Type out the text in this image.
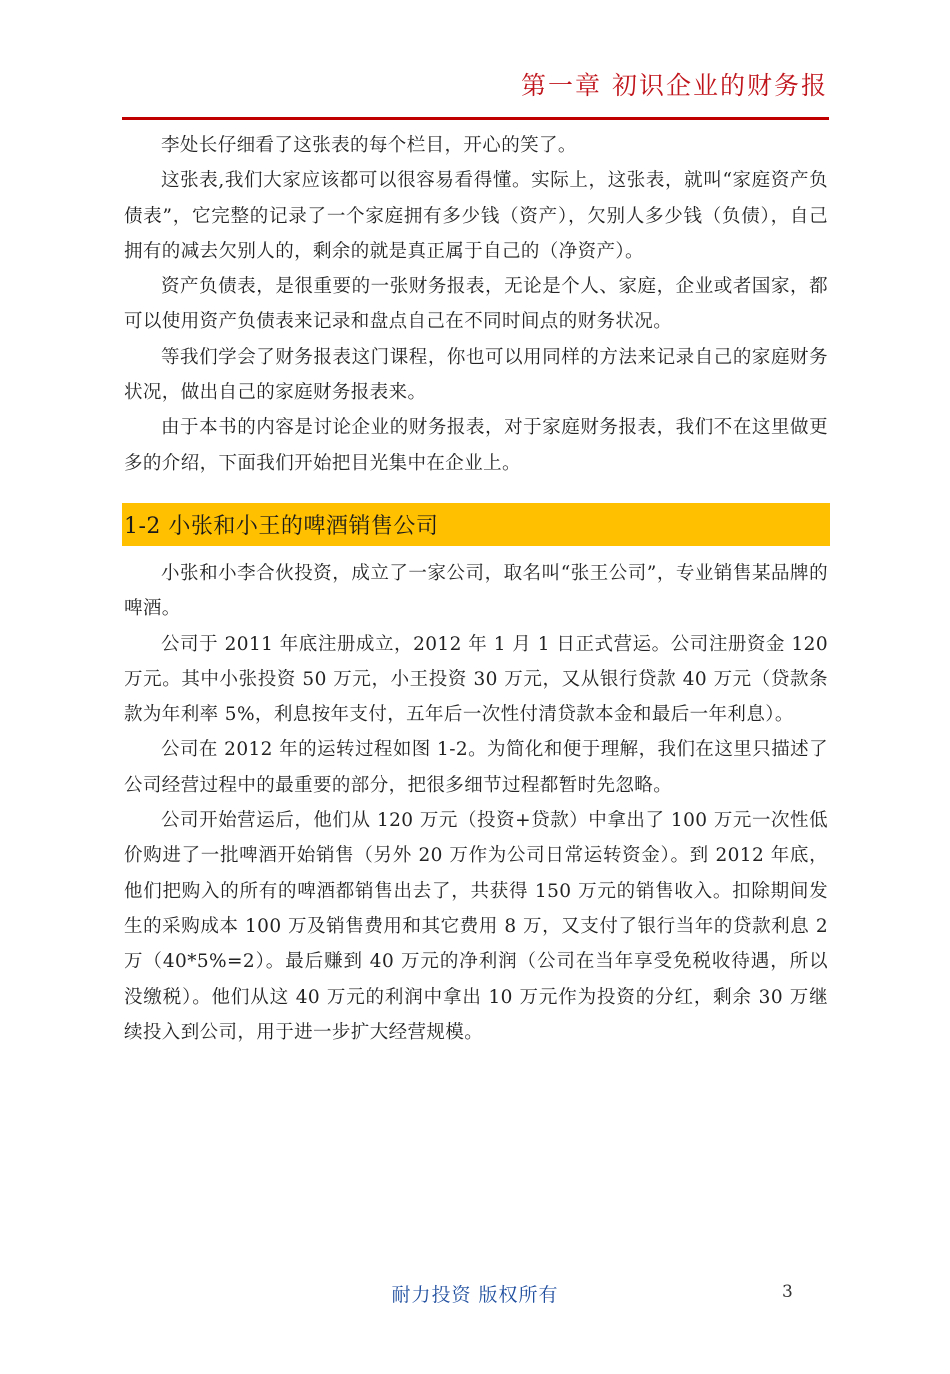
第一章 初识企业的财务报

李处长仔细看了这张表的每个栏目，开心的笑了。

这张表,我们大家应该都可以很容易看得懂。实际上，这张表，就叫“家庭资产负债表”，它完整的记录了一个家庭拥有多少钱（资产），欠别人多少钱（负债），自己拥有的减去欠别人的，剩余的就是真正属于自己的（净资产）。

资产负债表，是很重要的一张财务报表，无论是个人、家庭，企业或者国家，都可以使用资产负债表来记录和盘点自己在不同时间点的财务状况。

等我们学会了财务报表这门课程，你也可以用同样的方法来记录自己的家庭财务状况，做出自己的家庭财务报表来。

由于本书的内容是讨论企业的财务报表，对于家庭财务报表，我们不在这里做更多的介绍，下面我们开始把目光集中在企业上。

1-2 小张和小王的啤酒销售公司

小张和小李合伙投资，成立了一家公司，取名叫“张王公司”，专业销售某品牌的啤酒。

公司于 2011 年底注册成立，2012 年 1 月 1 日正式营运。公司注册资金 120 万元。其中小张投资 50 万元，小王投资 30 万元，又从银行贷款 40 万元（贷款条款为年利率 5%，利息按年支付，五年后一次性付清贷款本金和最后一年利息）。

公司在 2012 年的运转过程如图 1-2。为简化和便于理解，我们在这里只描述了公司经营过程中的最重要的部分，把很多细节过程都暂时先忽略。

公司开始营运后，他们从 120 万元（投资+贷款）中拿出了 100 万元一次性低价购进了一批啤酒开始销售（另外 20 万作为公司日常运转资金）。到 2012 年底，他们把购入的所有的啤酒都销售出去了，共获得 150 万元的销售收入。扣除期间发生的采购成本 100 万及销售费用和其它费用 8 万，又支付了银行当年的贷款利息 2 万（40*5%=2）。最后赚到 40 万元的净利润（公司在当年享受免税收待遇，所以没缴税）。他们从这 40 万元的利润中拿出 10 万元作为投资的分红，剩余 30 万继续投入到公司，用于进一步扩大经营规模。

耐力投资 版权所有	3
